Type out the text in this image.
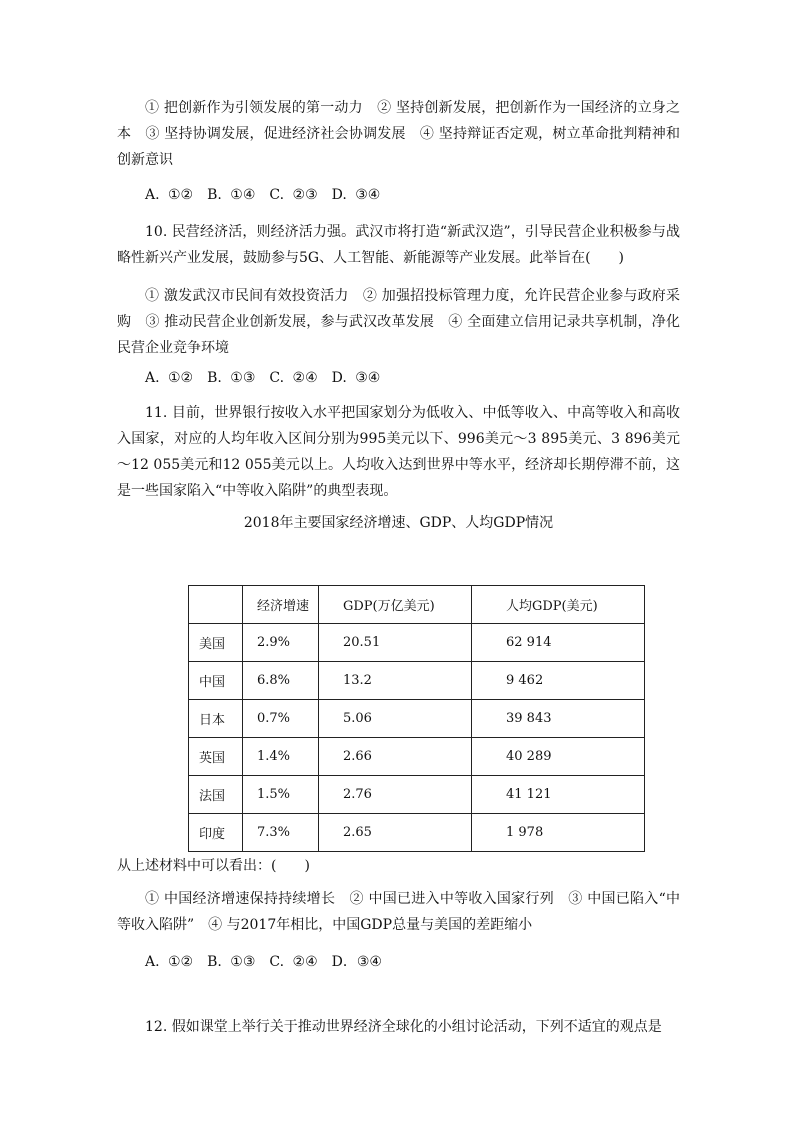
① 把创新作为引领发展的第一动力　② 坚持创新发展，把创新作为一国经济的立身之本　③ 坚持协调发展，促进经济社会协调发展　④ 坚持辩证否定观，树立革命批判精神和创新意识

A. ①②　B. ①④　C. ②③　D. ③④

10. 民营经济活，则经济活力强。武汉市将打造“新武汉造”，引导民营企业积极参与战略性新兴产业发展，鼓励参与5G、人工智能、新能源等产业发展。此举旨在(　　)

① 激发武汉市民间有效投资活力　② 加强招投标管理力度，允许民营企业参与政府采购　③ 推动民营企业创新发展，参与武汉改革发展　④ 全面建立信用记录共享机制，净化民营企业竞争环境

A. ①②　B. ①③　C. ②④　D. ③④

11. 目前，世界银行按收入水平把国家划分为低收入、中低等收入、中高等收入和高收入国家，对应的人均年收入区间分别为995美元以下、996美元～3 895美元、3 896美元～12 055美元和12 055美元以上。人均收入达到世界中等水平，经济却长期停滞不前，这是一些国家陷入“中等收入陷阱”的典型表现。

2018年主要国家经济增速、GDP、人均GDP情况

	经济增速	GDP(万亿美元)	人均GDP(美元)
美国	2.9%	20.51	62 914
中国	6.8%	13.2	9 462
日本	0.7%	5.06	39 843
英国	1.4%	2.66	40 289
法国	1.5%	2.76	41 121
印度	7.3%	2.65	1 978

从上述材料中可以看出：(　　)

① 中国经济增速保持持续增长　② 中国已进入中等收入国家行列　③ 中国已陷入“中等收入陷阱”　④ 与2017年相比，中国GDP总量与美国的差距缩小

A. ①②　B. ①③　C. ②④　D．③④

12. 假如课堂上举行关于推动世界经济全球化的小组讨论活动，下列不适宜的观点是
